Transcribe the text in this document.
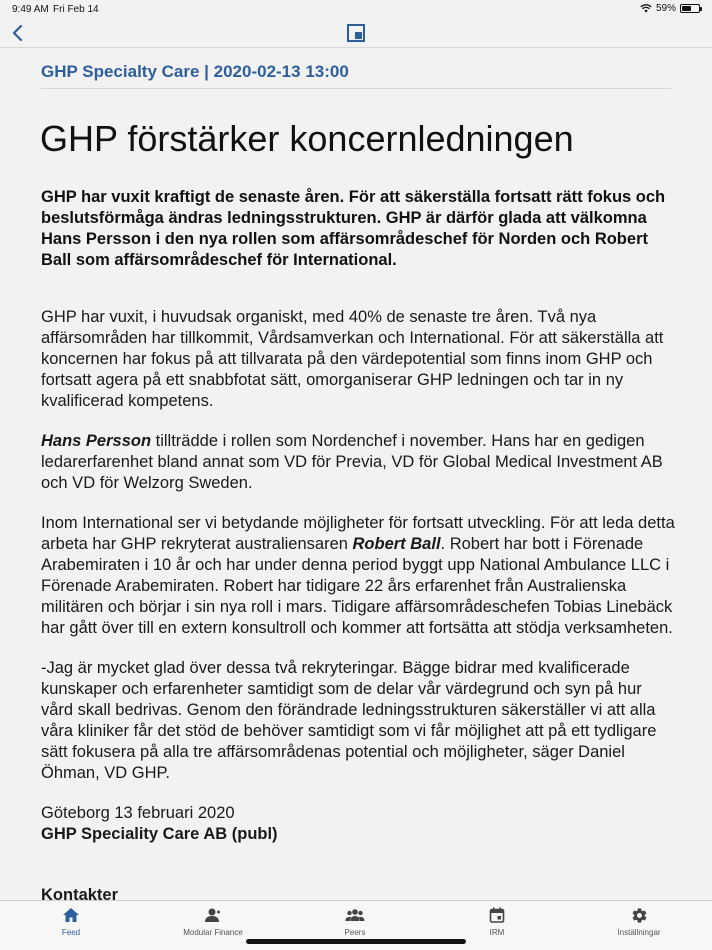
9:49 AM Fri Feb 14	59%
GHP Specialty Care | 2020-02-13 13:00
GHP förstärker koncernledningen

GHP har vuxit kraftigt de senaste åren. För att säkerställa fortsatt rätt fokus och beslutsförmåga ändras ledningsstrukturen. GHP är därför glada att välkomna Hans Persson i den nya rollen som affärsområdeschef för Norden och Robert Ball som affärsområdeschef för International.

GHP har vuxit, i huvudsak organiskt, med 40% de senaste tre åren. Två nya affärsområden har tillkommit, Vårdsamverkan och International. För att säkerställa att koncernen har fokus på att tillvarata på den värdepotential som finns inom GHP och fortsatt agera på ett snabbfotat sätt, omorganiserar GHP ledningen och tar in ny kvalificerad kompetens.

Hans Persson tillträdde i rollen som Nordenchef i november. Hans har en gedigen ledarerfarenhet bland annat som VD för Previa, VD för Global Medical Investment AB och VD för Welzorg Sweden.

Inom International ser vi betydande möjligheter för fortsatt utveckling. För att leda detta arbeta har GHP rekryterat australiensaren Robert Ball. Robert har bott i Förenade Arabemiraten i 10 år och har under denna period byggt upp National Ambulance LLC i Förenade Arabemiraten. Robert har tidigare 22 års erfarenhet från Australienska militären och börjar i sin nya roll i mars. Tidigare affärsområdeschefen Tobias Linebäck har gått över till en extern konsultroll och kommer att fortsätta att stödja verksamheten.

-Jag är mycket glad över dessa två rekryteringar. Bägge bidrar med kvalificerade kunskaper och erfarenheter samtidigt som de delar vår värdegrund och syn på hur vård skall bedrivas. Genom den förändrade ledningsstrukturen säkerställer vi att alla våra kliniker får det stöd de behöver samtidigt som vi får möjlighet att på ett tydligare sätt fokusera på alla tre affärsområdenas potential och möjligheter, säger Daniel Öhman, VD GHP.

Göteborg 13 februari 2020

GHP Speciality Care AB (publ)

Kontakter

Feed	Modular Finance	Peers	IRM	Inställningar
